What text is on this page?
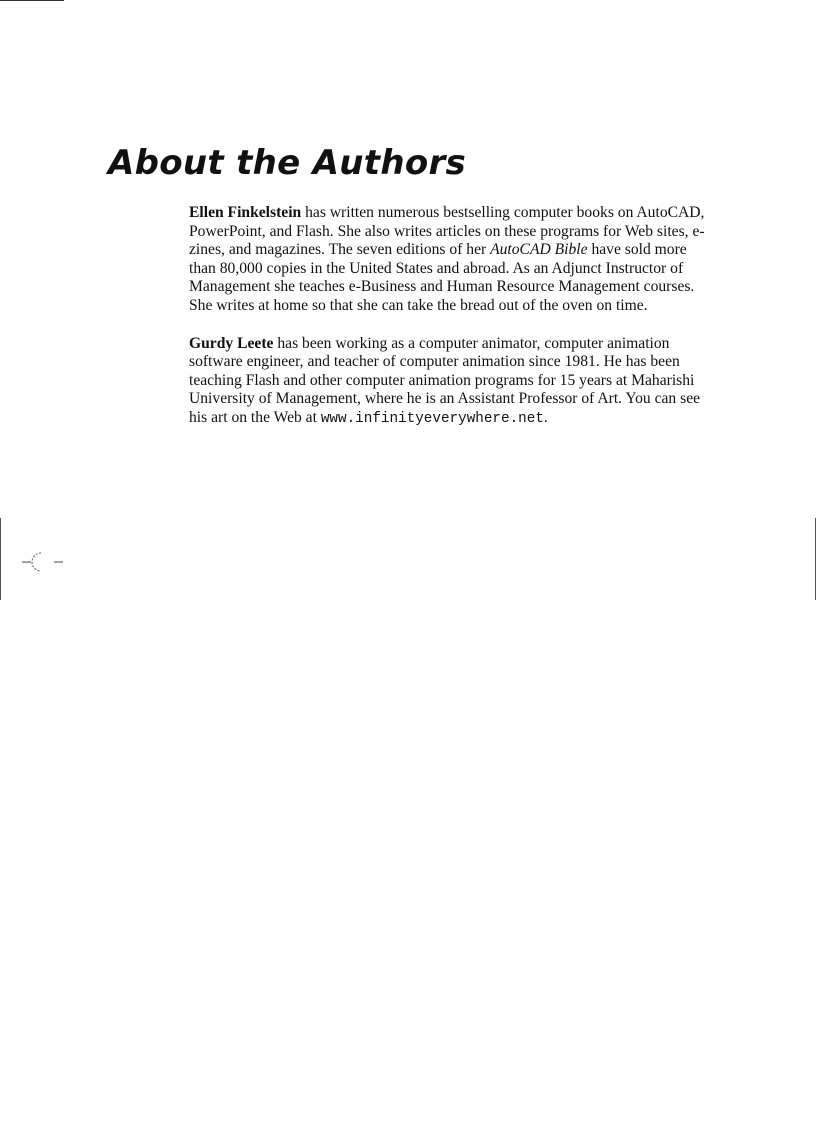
About the Authors

Ellen Finkelstein has written numerous bestselling computer books on AutoCAD, PowerPoint, and Flash. She also writes articles on these programs for Web sites, e-zines, and magazines. The seven editions of her AutoCAD Bible have sold more than 80,000 copies in the United States and abroad. As an Adjunct Instructor of Management she teaches e-Business and Human Resource Management courses. She writes at home so that she can take the bread out of the oven on time.

Gurdy Leete has been working as a computer animator, computer animation software engineer, and teacher of computer animation since 1981. He has been teaching Flash and other computer animation programs for 15 years at Maharishi University of Management, where he is an Assistant Professor of Art. You can see his art on the Web at www.infinityeverywhere.net.
